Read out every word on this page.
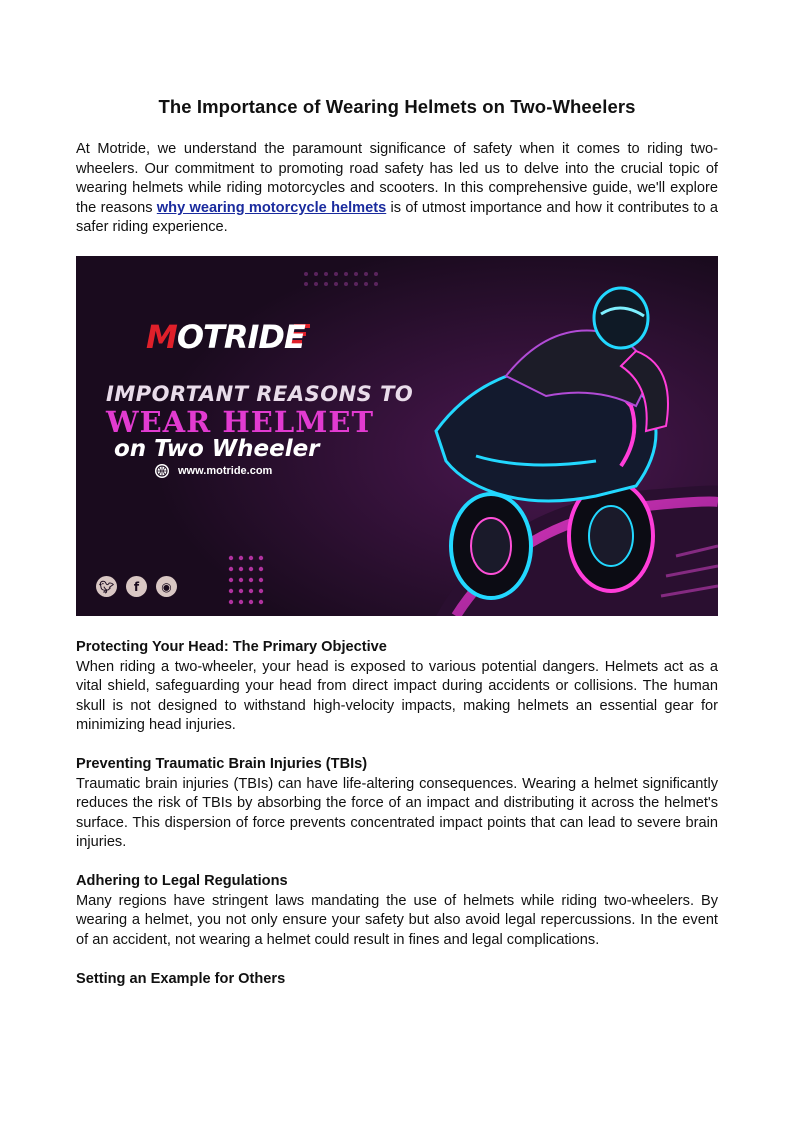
The Importance of Wearing Helmets on Two-Wheelers

At Motride, we understand the paramount significance of safety when it comes to riding two-wheelers. Our commitment to promoting road safety has led us to delve into the crucial topic of wearing helmets while riding motorcycles and scooters. In this comprehensive guide, we'll explore the reasons why wearing motorcycle helmets is of utmost importance and how it contributes to a safer riding experience.

MOTRIDE
IMPORTANT REASONS TO
WEAR HELMET
on Two Wheeler
www.motride.com
🐦︎	f	◉
Protecting Your Head: The Primary Objective

When riding a two-wheeler, your head is exposed to various potential dangers. Helmets act as a vital shield, safeguarding your head from direct impact during accidents or collisions. The human skull is not designed to withstand high-velocity impacts, making helmets an essential gear for minimizing head injuries.

Preventing Traumatic Brain Injuries (TBIs)

Traumatic brain injuries (TBIs) can have life-altering consequences. Wearing a helmet significantly reduces the risk of TBIs by absorbing the force of an impact and distributing it across the helmet's surface. This dispersion of force prevents concentrated impact points that can lead to severe brain injuries.

Adhering to Legal Regulations

Many regions have stringent laws mandating the use of helmets while riding two-wheelers. By wearing a helmet, you not only ensure your safety but also avoid legal repercussions. In the event of an accident, not wearing a helmet could result in fines and legal complications.

Setting an Example for Others
